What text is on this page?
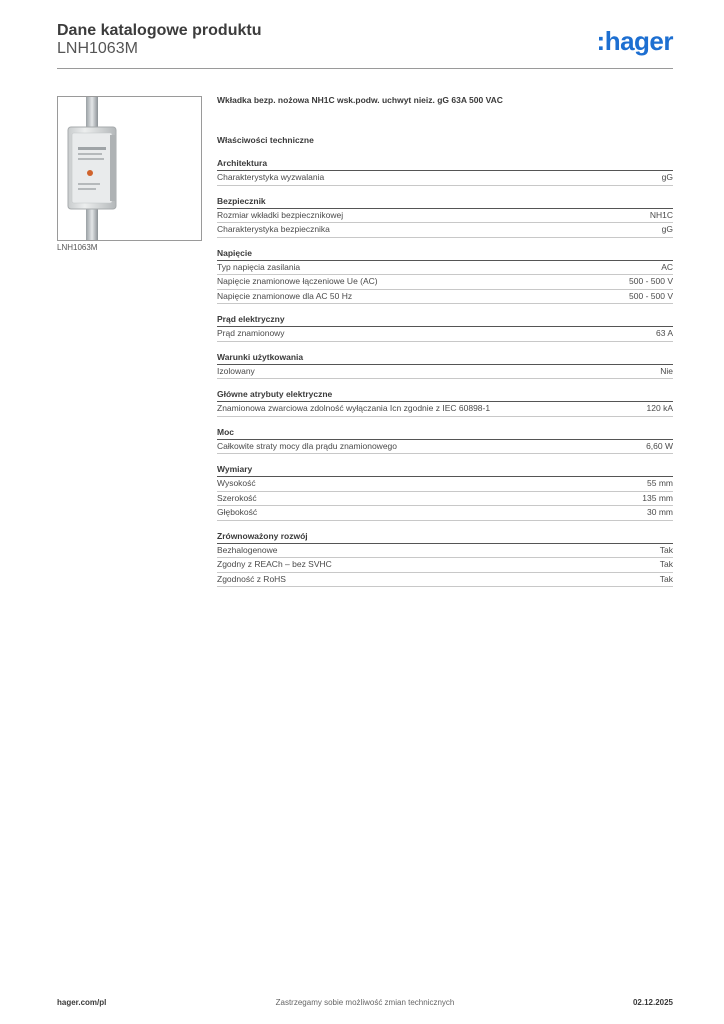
Dane katalogowe produktu
LNH1063M	:hager
LNH1063M
Wkładka bezp. nożowa NH1C wsk.podw. uchwyt nieiz. gG 63A 500 VAC
Właściwości techniczne
Architektura
Charakterystyka wyzwalania	gG
Bezpiecznik
Rozmiar wkładki bezpiecznikowej	NH1C
Charakterystyka bezpiecznika	gG
Napięcie
Typ napięcia zasilania	AC
Napięcie znamionowe łączeniowe Ue (AC)	500 - 500 V
Napięcie znamionowe dla AC 50 Hz	500 - 500 V
Prąd elektryczny
Prąd znamionowy	63 A
Warunki użytkowania
Izolowany	Nie
Główne atrybuty elektryczne
Znamionowa zwarciowa zdolność wyłączania Icn zgodnie z IEC 60898-1	120 kA
Moc
Całkowite straty mocy dla prądu znamionowego	6,60 W
Wymiary
Wysokość	55 mm
Szerokość	135 mm
Głębokość	30 mm
Zrównoważony rozwój
Bezhalogenowe	Tak
Zgodny z REACh – bez SVHC	Tak
Zgodność z RoHS	Tak
hager.com/pl	Zastrzegamy sobie możliwość zmian technicznych	02.12.2025
